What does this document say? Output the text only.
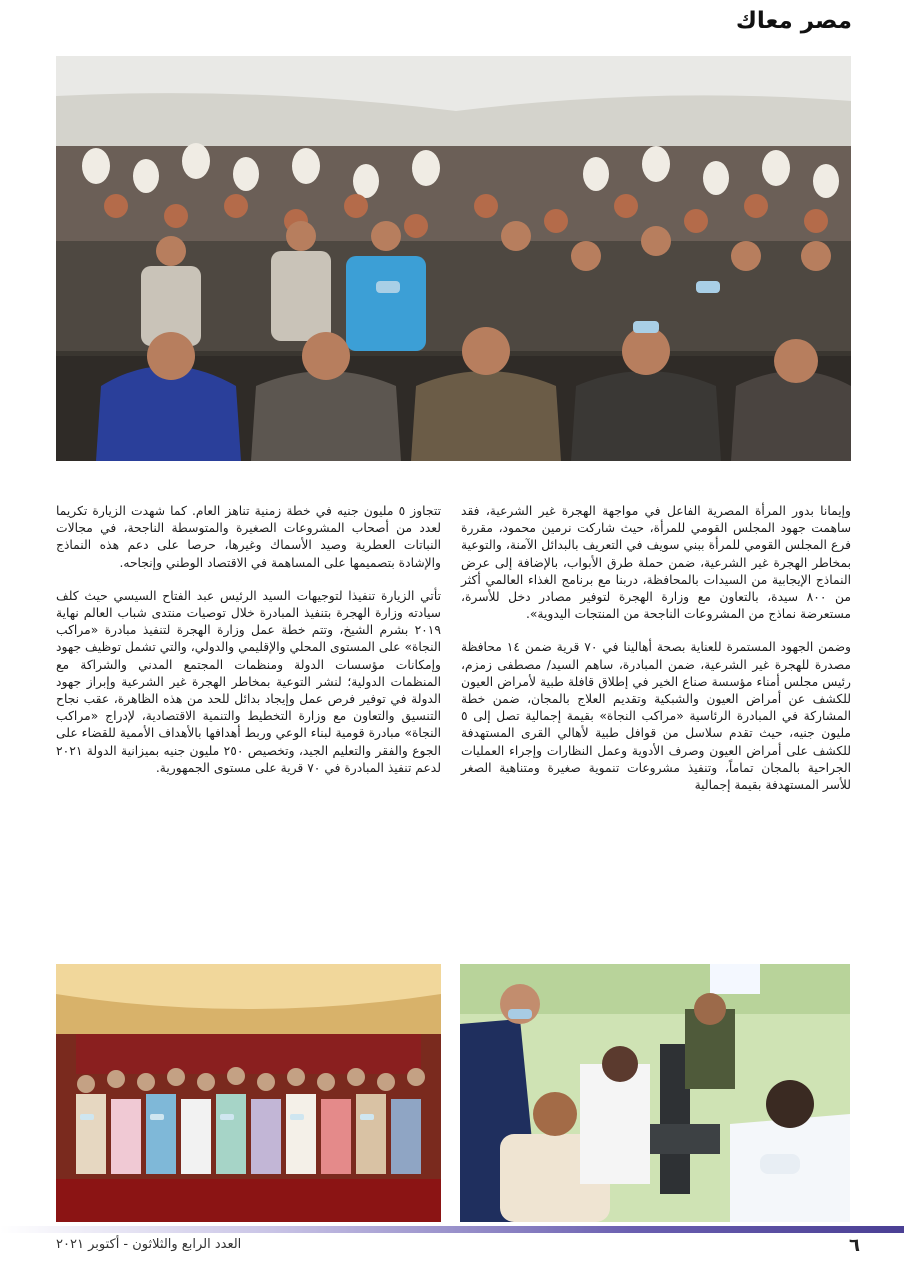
مصر معاك

وإيمانا بدور المرأة المصرية الفاعل في مواجهة الهجرة غير الشرعية، فقد ساهمت جهود المجلس القومي للمرأة، حيث شاركت نرمين محمود، مقررة فرع المجلس القومي للمرأة ببني سويف في التعريف بالبدائل الآمنة، والتوعية بمخاطر الهجرة غير الشرعية، ضمن حملة طرق الأبواب، بالإضافة إلى عرض النماذج الإيجابية من السيدات بالمحافظة، دربنا مع برنامج الغذاء العالمي أكثر من ٨٠٠ سيدة، بالتعاون مع وزارة الهجرة لتوفير مصادر دخل للأسرة، مستعرضة نماذج من المشروعات الناجحة من المنتجات اليدوية».

وضمن الجهود المستمرة للعناية بصحة أهالينا في ٧٠ قرية ضمن ١٤ محافظة مصدرة للهجرة غير الشرعية، ضمن المبادرة، ساهم السيد/ مصطفى زمزم، رئيس مجلس أمناء مؤسسة صناع الخير في إطلاق قافلة طبية لأمراض العيون للكشف عن أمراض العيون والشبكية وتقديم العلاج بالمجان، ضمن خطة المشاركة في المبادرة الرئاسية «مراكب النجاة» بقيمة إجمالية تصل إلى ٥ مليون جنيه، حيث تقدم سلاسل من قوافل طبية لأهالي القرى المستهدفة للكشف على أمراض العيون وصرف الأدوية وعمل النظارات وإجراء العمليات الجراحية بالمجان تماماً، وتنفيذ مشروعات تنموية صغيرة ومتناهية الصغر للأسر المستهدفة بقيمة إجمالية

تتجاوز ٥ مليون جنيه في خطة زمنية تناهز العام. كما شهدت الزيارة تكريما لعدد من أصحاب المشروعات الصغيرة والمتوسطة الناجحة، في مجالات النباتات العطرية وصيد الأسماك وغيرها، حرصا على دعم هذه النماذج والإشادة بتصميمها على المساهمة في الاقتصاد الوطني وإنجاحه.

تأتي الزيارة تنفيذا لتوجيهات السيد الرئيس عبد الفتاح السيسي حيث كلف سيادته وزارة الهجرة بتنفيذ المبادرة خلال توصيات منتدى شباب العالم نهاية ٢٠١٩ بشرم الشيخ، وتتم خطة عمل وزارة الهجرة لتنفيذ مبادرة «مراكب النجاة» على المستوى المحلي والإقليمي والدولي، والتي تشمل توظيف جهود وإمكانات مؤسسات الدولة ومنظمات المجتمع المدني والشراكة مع المنظمات الدولية؛ لنشر التوعية بمخاطر الهجرة غير الشرعية وإبراز جهود الدولة في توفير فرص عمل وإيجاد بدائل للحد من هذه الظاهرة، عقب نجاح التنسيق والتعاون مع وزارة التخطيط والتنمية الاقتصادية، لإدراج «مراكب النجاة» مبادرة قومية لبناء الوعي وربط أهدافها بالأهداف الأممية للقضاء على الجوع والفقر والتعليم الجيد، وتخصيص ٢٥٠ مليون جنيه بميزانية الدولة ٢٠٢١ لدعم تنفيذ المبادرة في ٧٠ قرية على مستوى الجمهورية.

العدد الرابع والثلاثون - أكتوبر ٢٠٢١	٦
